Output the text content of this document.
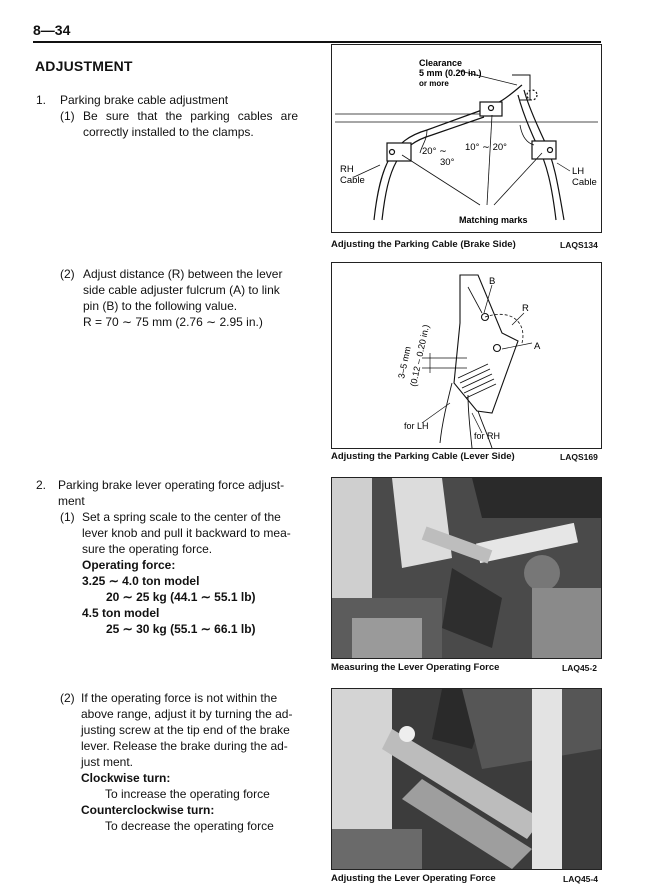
8—34
ADJUSTMENT
1. Parking brake cable adjustment
(1) Be sure that the parking cables are
correctly installed to the clamps.
(2) Adjust distance (R) between the lever
side cable adjuster fulcrum (A) to link
pin (B) to the following value.
R = 70 ∼ 75 mm (2.76 ∼ 2.95 in.)
2. Parking brake lever operating force adjust-
ment
(1) Set a spring scale to the center of the
lever knob and pull it backward to mea-
sure the operating force.
Operating force:
3.25 ∼ 4.0 ton model
20 ∼ 25 kg (44.1 ∼ 55.1 lb)
4.5 ton model
25 ∼ 30 kg (55.1 ∼ 66.1 lb)
(2) If the operating force is not within the
above range, adjust it by turning the ad-
justing screw at the tip end of the brake
lever. Release the brake during the ad-
just ment.
Clockwise turn:
To increase the operating force
Counterclockwise turn:
To decrease the operating force
Clearance
5 mm (0.20 in.)
or more
20° ∼
30°
10° ∼ 20°
RH
Cable
LH
Cable
Matching marks
Adjusting the Parking Cable (Brake Side)	LAQS134
B
R
A
3–5 mm
(0.12 – 0.20 in.)
for LH
for RH
Adjusting the Parking Cable (Lever Side)	LAQS169
Measuring the Lever Operating Force	LAQ45-2
Adjusting the Lever Operating Force	LAQ45-4
